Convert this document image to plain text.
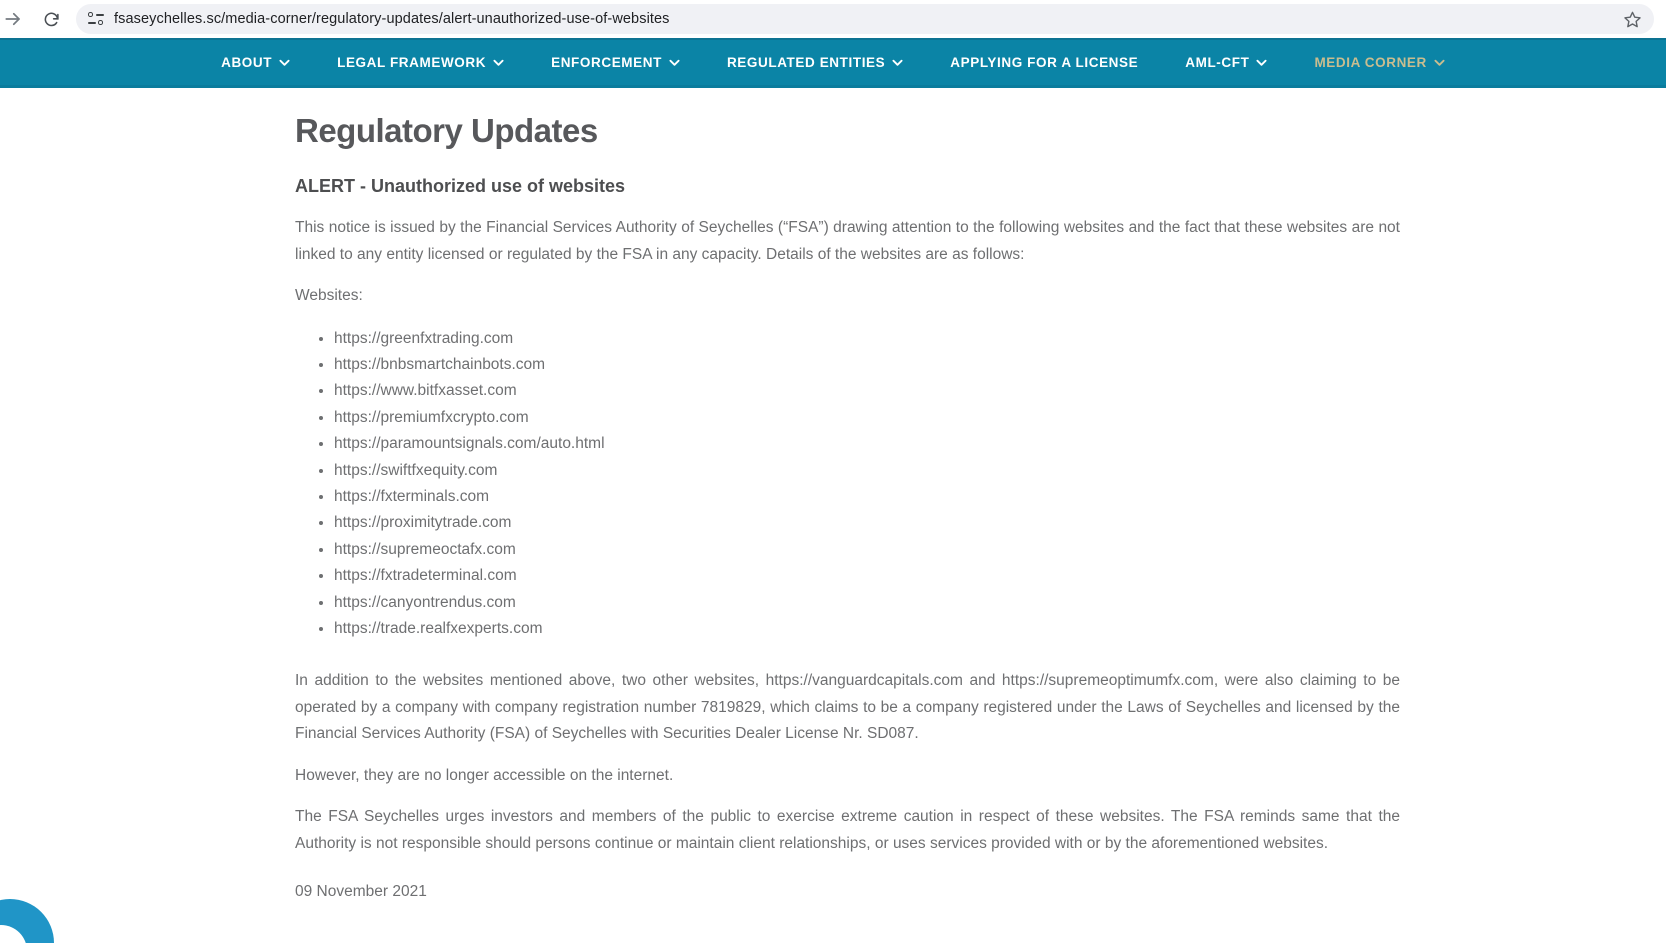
fsaseychelles.sc/media-corner/regulatory-updates/alert-unauthorized-use-of-websites
ABOUT	LEGAL FRAMEWORK	ENFORCEMENT	REGULATED ENTITIES	APPLYING FOR A LICENSE	AML-CFT	MEDIA CORNER
Regulatory Updates
ALERT - Unauthorized use of websites

This notice is issued by the Financial Services Authority of Seychelles (“FSA”) drawing attention to the following websites and the fact that these websites are not linked to any entity licensed or regulated by the FSA in any capacity. Details of the websites are as follows:

Websites:

• https://greenfxtrading.com
• https://bnbsmartchainbots.com
• https://www.bitfxasset.com
• https://premiumfxcrypto.com
• https://paramountsignals.com/auto.html
• https://swiftfxequity.com
• https://fxterminals.com
• https://proximitytrade.com
• https://supremeoctafx.com
• https://fxtradeterminal.com
• https://canyontrendus.com
• https://trade.realfxexperts.com

In addition to the websites mentioned above, two other websites, https://vanguardcapitals.com and https://supremeoptimumfx.com, were also claiming to be operated by a company with company registration number 7819829, which claims to be a company registered under the Laws of Seychelles and licensed by the Financial Services Authority (FSA) of Seychelles with Securities Dealer License Nr. SD087.

However, they are no longer accessible on the internet.

The FSA Seychelles urges investors and members of the public to exercise extreme caution in respect of these websites. The FSA reminds same that the Authority is not responsible should persons continue or maintain client relationships, or uses services provided with or by the aforementioned websites.

09 November 2021
